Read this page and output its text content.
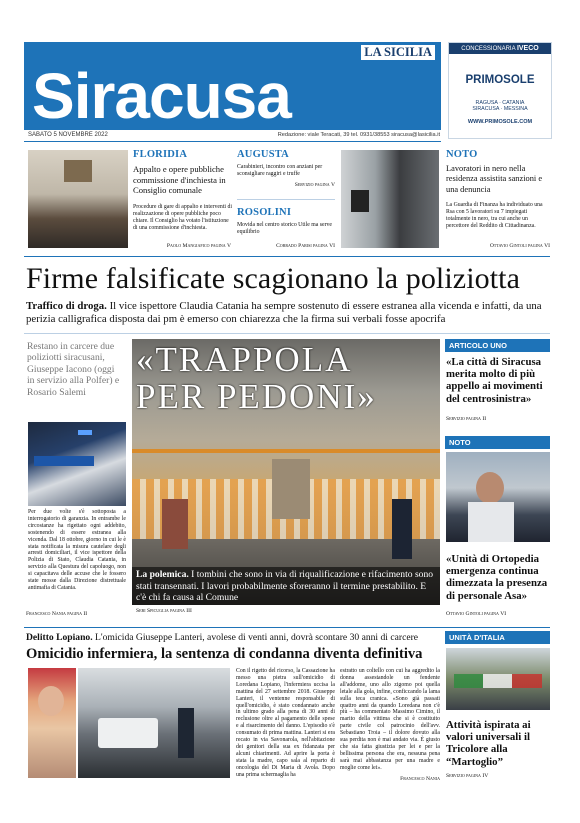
LA SICILIA
Siracusa
SABATO 5 NOVEMBRE 2022	Redazione: viale Teracati, 39 tel. 0931/38553 siracusa@lasicilia.it
CONCESSIONARIA IVECO
PRIMOSOLE
RAGUSA · CATANIA
SIRACUSA · MESSINA
WWW.PRIMOSOLE.COM
FLORIDIA
Appalto e opere pubbliche commissione d'inchiesta in Consiglio comunale
Procedure di gare di appalto e interventi di realizzazione di opere pubbliche poco chiare. Il Consiglio ha votato l'istituzione di una commissione d'inchiesta.
Paolo Mangiafico pagina V
AUGUSTA
Carabinieri, incontro con anziani per sconsigliare raggiri e truffe
Servizio pagina V
ROSOLINI
Movida nel centro storico Utile ma serve equilibrio
Corrado Parisi pagina VI
NOTO
Lavoratori in nero nella residenza assistita sanzioni e una denuncia
La Guardia di Finanza ha individuato una Rsa con 5 lavoratori su 7 impiegati totalmente in nero, tra cui anche un percettore del Reddito di Cittadinanza.
Ottavio Gintoli pagina VI
Firme falsificate scagionano la poliziotta
Traffico di droga. Il vice ispettore Claudia Catania ha sempre sostenuto di essere estranea alla vicenda e infatti, da una perizia calligrafica disposta dai pm è emerso con chiarezza che la firma sui verbali fosse apocrifa
Restano in carcere due poliziotti siracusani, Giuseppe Iacono (oggi in servizio alla Polfer) e Rosario Salemi
Per due volte s'è sottoposta a interrogatorio di garanzia. In entrambe le circostanze ha rigettato ogni addebito, sostenendo di essere estranea alla vicenda. Dal 18 ottobre, giorno in cui le è stata notificata la misura cautelare degli arresti domiciliari, il vice ispettore della Polizia di Stato, Claudia Catania, in servizio alla Questura del capoluogo, non si capacitava delle accuse che le fossero state mosse dalla Direzione distrettuale antimafia di Catania.
Francesco Nania pagina II
«TRAPPOLA
PER PEDONI»
La polemica. I tombini che sono in via di riqualificazione e rifacimento sono stati transennati. I lavori probabilmente sforeranno il termine prestabilito. E c'è chi fa causa al Comune
Sebi Spicuglia pagina III
ARTICOLO UNO
«La città di Siracusa merita molto di più appello ai movimenti del centrosinistra»
Servizio pagina II
NOTO
«Unità di Ortopedia emergenza continua dimezzata la presenza di personale Asa»
Ottavio Gintoli pagina VI
UNITÀ D'ITALIA
Attività ispirata ai valori universali il Tricolore alla “Martoglio”
Servizio pagina IV
Delitto Lopiano. L'omicida Giuseppe Lanteri, avolese di venti anni, dovrà scontare 30 anni di carcere
Omicidio infermiera, la sentenza di condanna diventa definitiva
Con il rigetto del ricorso, la Cassazione ha messo una pietra sull'omicidio di Loredana Lopiano, l'infermiera uccisa la mattina del 27 settembre 2018. Giuseppe Lanteri, il ventenne responsabile di quell'omicidio, è stato condannato anche in ultimo grado alla pena di 30 anni di reclusione oltre al pagamento delle spese e al risarcimento del danno. L'episodio s'è consumato di prima mattina. Lanteri si era recato in via Savonarola, nell'abitazione dei genitori della sua ex fidanzata per alcuni chiarimenti. Ad aprire la porta è stata la madre, capo sala al reparto di oncologia del Di Maria di Avola. Dopo una prima schermaglia ha
estratto un coltello con cui ha aggredito la donna assestandole un fendente all'addome, uno allo zigomo poi quella letale alla gola, infine, conficcando la lama sulla teca cranica. «Sono già passati quattro anni da quando Loredana non c'è più – ha commentato Massimo Cimino, il marito della vittima che si è costituito parte civile col patrocinio dell'avv. Sebastiano Troia – il dolore dovuto alla sua perdita non è mai andato via. È giusto che sia fatta giustizia per lei e per la bellissima persona che era, nessuna pena sarà mai abbastanza per una madre e moglie come lei».
Francesco Nania
